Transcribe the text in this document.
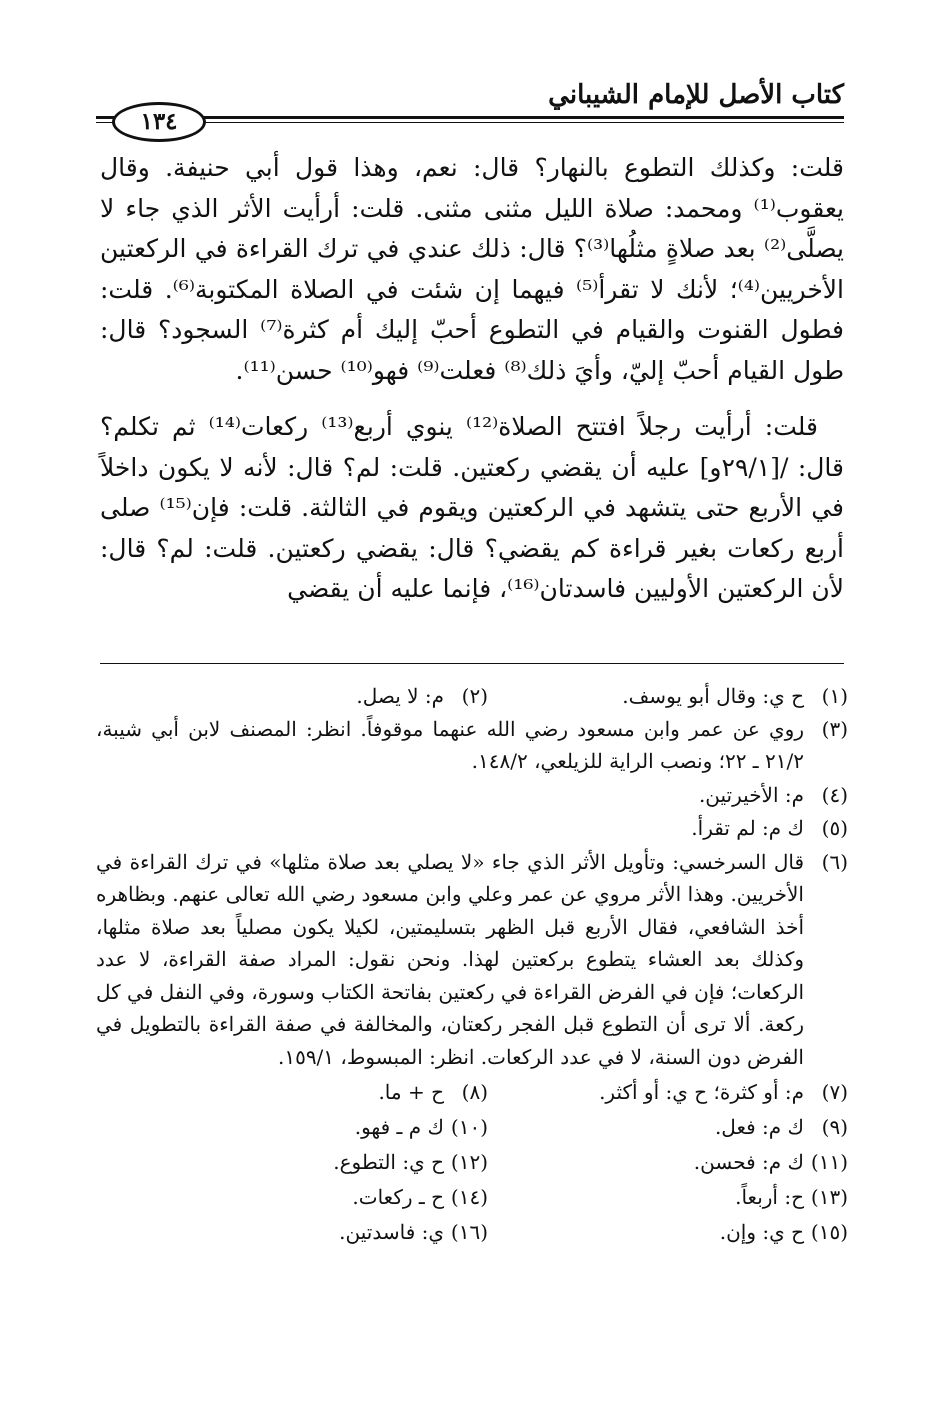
كتاب الأصل للإمام الشيباني
١٣٤

قلت: وكذلك التطوع بالنهار؟ قال: نعم، وهذا قول أبي حنيفة. وقال يعقوب⁽¹⁾ ومحمد: صلاة الليل مثنى مثنى. قلت: أرأيت الأثر الذي جاء لا يصلَّى⁽²⁾ بعد صلاةٍ مثلُها⁽³⁾؟ قال: ذلك عندي في ترك القراءة في الركعتين الأخريين⁽⁴⁾؛ لأنك لا تقرأ⁽⁵⁾ فيهما إن شئت في الصلاة المكتوبة⁽⁶⁾. قلت: فطول القنوت والقيام في التطوع أحبّ إليك أم كثرة⁽⁷⁾ السجود؟ قال: طول القيام أحبّ إليّ، وأيَ ذلك⁽⁸⁾ فعلت⁽⁹⁾ فهو⁽¹⁰⁾ حسن⁽¹¹⁾.

قلت: أرأيت رجلاً افتتح الصلاة⁽¹²⁾ ينوي أربع⁽¹³⁾ ركعات⁽¹⁴⁾ ثم تكلم؟ قال: /[٢٩/١و] عليه أن يقضي ركعتين. قلت: لم؟ قال: لأنه لا يكون داخلاً في الأربع حتى يتشهد في الركعتين ويقوم في الثالثة. قلت: فإن⁽¹⁵⁾ صلى أربع ركعات بغير قراءة كم يقضي؟ قال: يقضي ركعتين. قلت: لم؟ قال: لأن الركعتين الأوليين فاسدتان⁽¹⁶⁾، فإنما عليه أن يقضي

(١)
ح ي: وقال أبو يوسف.
(٢)
م: لا يصل.
(٣)
روي عن عمر وابن مسعود رضي الله عنهما موقوفاً. انظر: المصنف لابن أبي شيبة، ٢١/٢ ـ ٢٢؛ ونصب الراية للزيلعي، ١٤٨/٢.
(٤)
م: الأخيرتين.
(٥)
ك م: لم تقرأ.
(٦)
قال السرخسي: وتأويل الأثر الذي جاء «لا يصلي بعد صلاة مثلها» في ترك القراءة في الأخريين. وهذا الأثر مروي عن عمر وعلي وابن مسعود رضي الله تعالى عنهم. وبظاهره أخذ الشافعي، فقال الأربع قبل الظهر بتسليمتين، لكيلا يكون مصلياً بعد صلاة مثلها، وكذلك بعد العشاء يتطوع بركعتين لهذا. ونحن نقول: المراد صفة القراءة، لا عدد الركعات؛ فإن في الفرض القراءة في ركعتين بفاتحة الكتاب وسورة، وفي النفل في كل ركعة. ألا ترى أن التطوع قبل الفجر ركعتان، والمخالفة في صفة القراءة بالتطويل في الفرض دون السنة، لا في عدد الركعات. انظر: المبسوط، ١٥٩/١.
(٧)
م: أو كثرة؛ ح ي: أو أكثر.
(٨)
ح + ما.
(٩)
ك م: فعل.
(١٠)
ك م ـ فهو.
(١١)
ك م: فحسن.
(١٢)
ح ي: التطوع.
(١٣)
ح: أربعاً.
(١٤)
ح ـ ركعات.
(١٥)
ح ي: وإن.
(١٦)
ي: فاسدتين.
